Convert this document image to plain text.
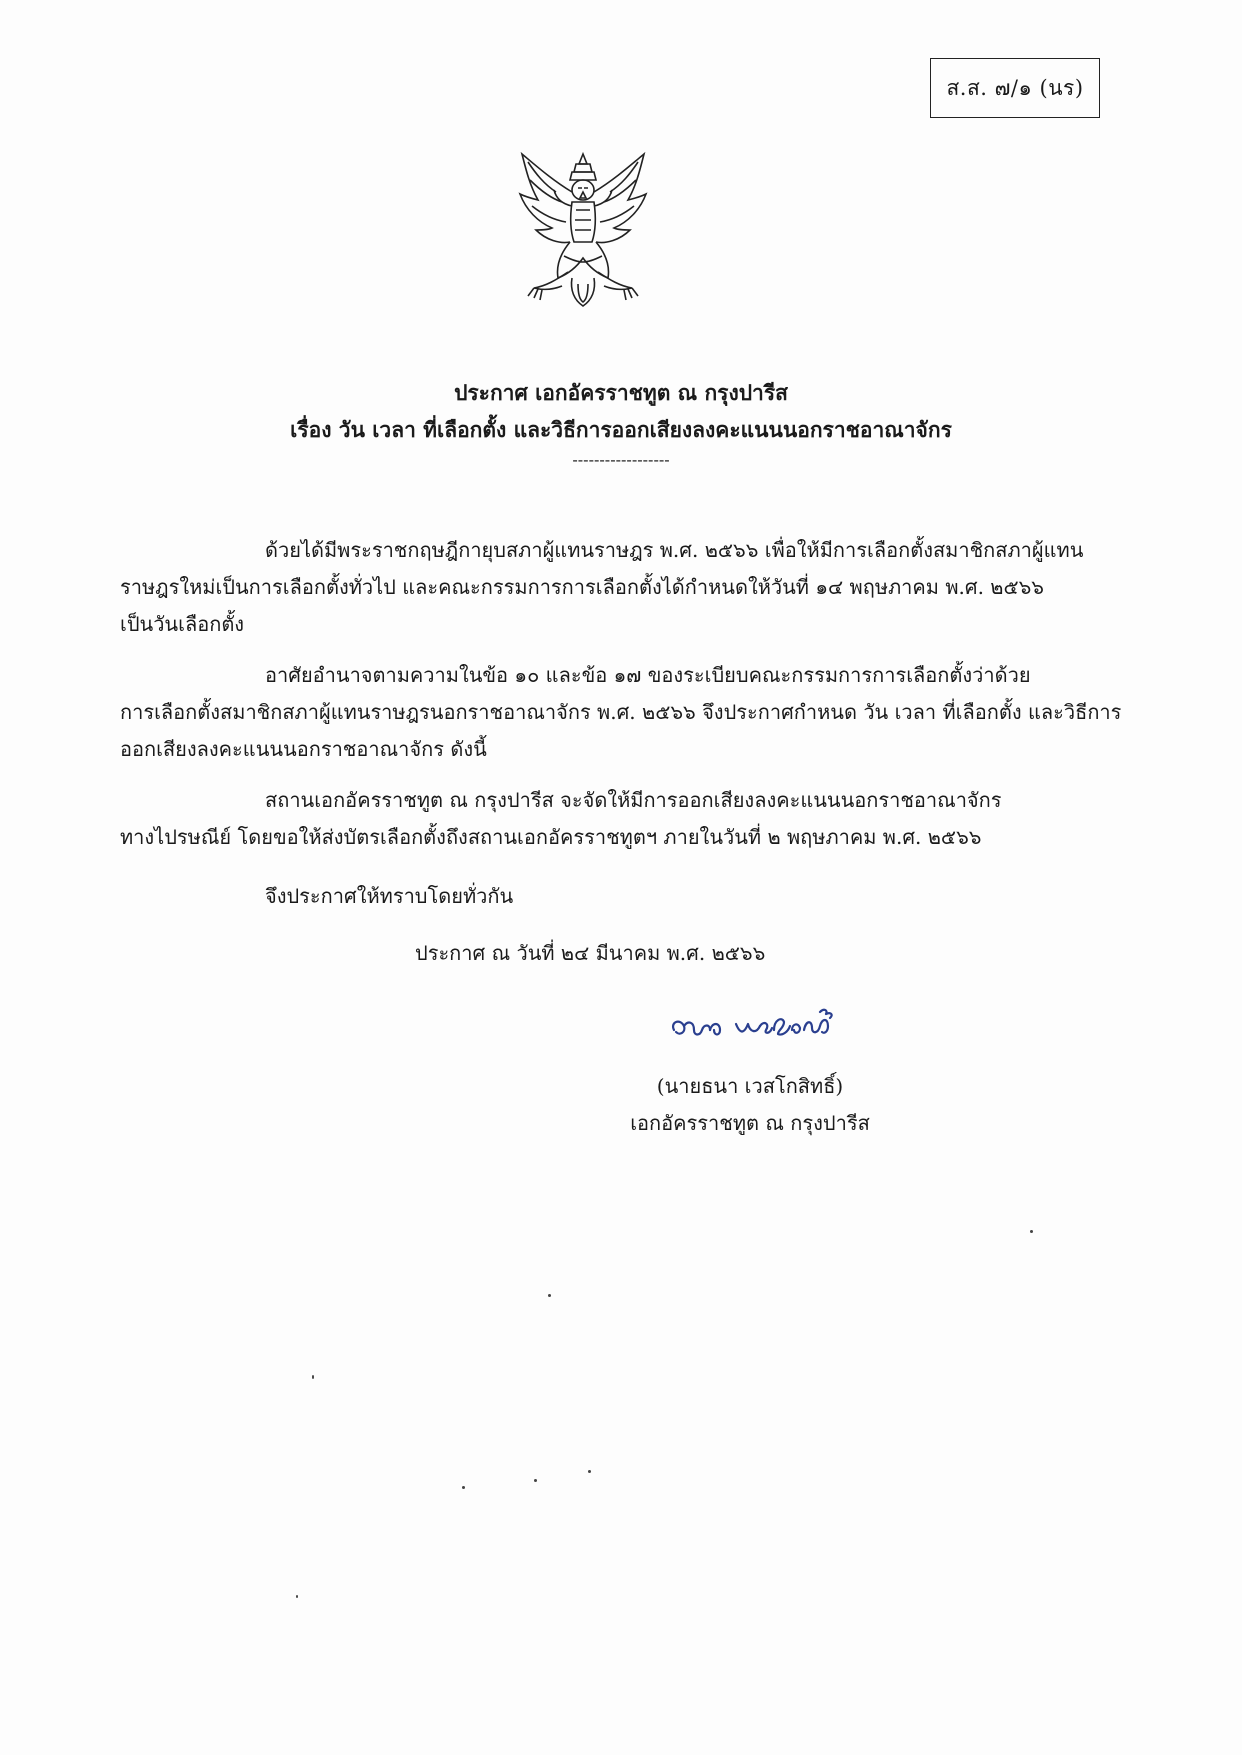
ส.ส. ๗/๑ (นร)
ประกาศ เอกอัครราชทูต ณ กรุงปารีส
เรื่อง วัน เวลา ที่เลือกตั้ง และวิธีการออกเสียงลงคะแนนนอกราชอาณาจักร
------------------

ด้วยได้มีพระราชกฤษฎีกายุบสภาผู้แทนราษฎร พ.ศ. ๒๕๖๖ เพื่อให้มีการเลือกตั้งสมาชิกสภาผู้แทน
ราษฎรใหม่เป็นการเลือกตั้งทั่วไป และคณะกรรมการการเลือกตั้งได้กำหนดให้วันที่ ๑๔ พฤษภาคม พ.ศ. ๒๕๖๖
เป็นวันเลือกตั้ง

อาศัยอำนาจตามความในข้อ ๑๐ และข้อ ๑๗ ของระเบียบคณะกรรมการการเลือกตั้งว่าด้วย
การเลือกตั้งสมาชิกสภาผู้แทนราษฎรนอกราชอาณาจักร พ.ศ. ๒๕๖๖ จึงประกาศกำหนด วัน เวลา ที่เลือกตั้ง และวิธีการ
ออกเสียงลงคะแนนนอกราชอาณาจักร ดังนี้

สถานเอกอัครราชทูต ณ กรุงปารีส จะจัดให้มีการออกเสียงลงคะแนนนอกราชอาณาจักร
ทางไปรษณีย์ โดยขอให้ส่งบัตรเลือกตั้งถึงสถานเอกอัครราชทูตฯ ภายในวันที่ ๒ พฤษภาคม พ.ศ. ๒๕๖๖

จึงประกาศให้ทราบโดยทั่วกัน

ประกาศ ณ วันที่ ๒๔ มีนาคม พ.ศ. ๒๕๖๖
(นายธนา เวสโกสิทธิ์)
เอกอัครราชทูต ณ กรุงปารีส
